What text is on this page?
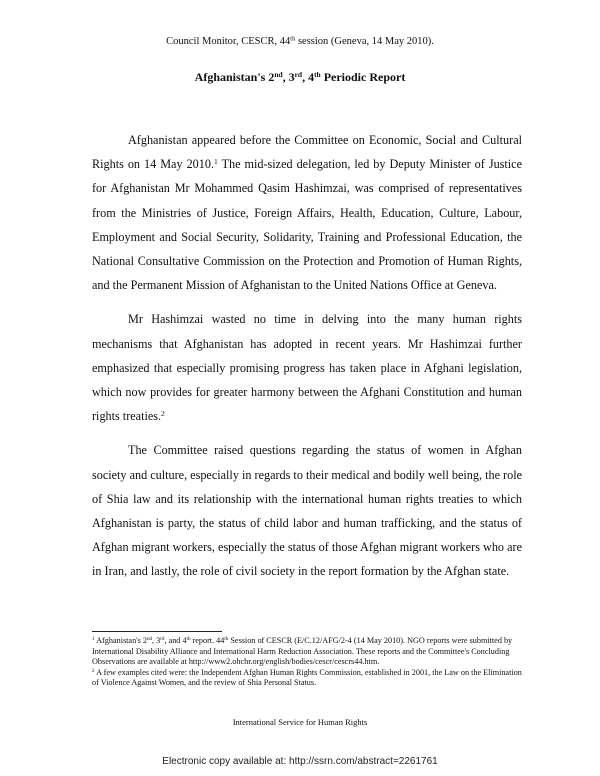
Council Monitor, CESCR, 44th session (Geneva, 14 May 2010).
Afghanistan's 2nd, 3rd, 4th Periodic Report

Afghanistan appeared before the Committee on Economic, Social and Cultural Rights on 14 May 2010.$^1$ The mid-sized delegation, led by Deputy Minister of Justice for Afghanistan Mr Mohammed Qasim Hashimzai, was comprised of representatives from the Ministries of Justice, Foreign Affairs, Health, Education, Culture, Labour, Employment and Social Security, Solidarity, Training and Professional Education, the National Consultative Commission on the Protection and Promotion of Human Rights, and the Permanent Mission of Afghanistan to the United Nations Office at Geneva.

Mr Hashimzai wasted no time in delving into the many human rights mechanisms that Afghanistan has adopted in recent years. Mr Hashimzai further emphasized that especially promising progress has taken place in Afghani legislation, which now provides for greater harmony between the Afghani Constitution and human rights treaties.$^2$

The Committee raised questions regarding the status of women in Afghan society and culture, especially in regards to their medical and bodily well being, the role of Shia law and its relationship with the international human rights treaties to which Afghanistan is party, the status of child labor and human trafficking, and the status of Afghan migrant workers, especially the status of those Afghan migrant workers who are in Iran, and lastly, the role of civil society in the report formation by the Afghan state.

$^1$ Afghanistan's 2nd, 3rd, and 4th report. 44th Session of CESCR (E/C.12/AFG/2-4 (14 May 2010). NGO reports were submitted by International Disability Alliance and International Harm Reduction Association. These reports and the Committee's Concluding Observations are available at http://www2.ohchr.org/english/bodies/cescr/cescrs44.htm.
$^2$ A few examples cited were: the Independent Afghan Human Rights Commission, established in 2001, the Law on the Elimination of Violence Against Women, and the review of Shia Personal Status.
International Service for Human Rights
Electronic copy available at: http://ssrn.com/abstract=2261761
